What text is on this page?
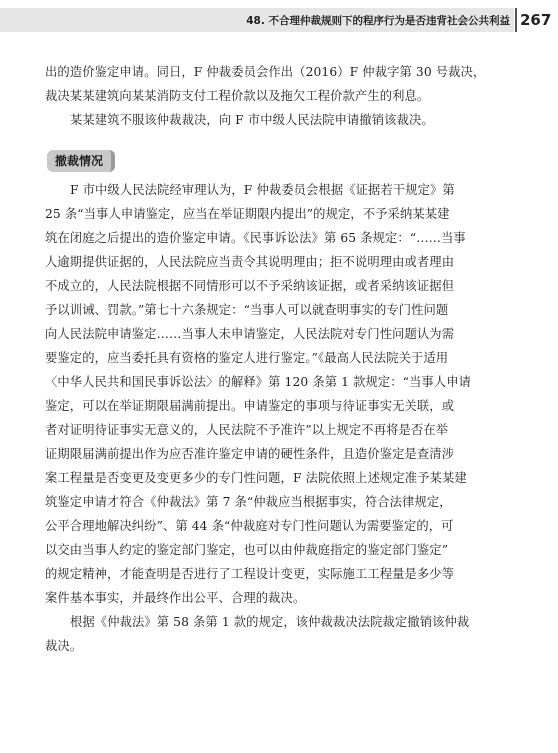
48. 不合理仲裁规则下的程序行为是否违背社会公共利益 267

出的造价鉴定申请。同日，F 仲裁委员会作出（2016）F 仲裁字第 30 号裁决，
裁决某某建筑向某某消防支付工程价款以及拖欠工程价款产生的利息。

某某建筑不服该仲裁裁决，向 F 市中级人民法院申请撤销该裁决。

撤裁情况

F 市中级人民法院经审理认为，F 仲裁委员会根据《证据若干规定》第
25 条“当事人申请鉴定，应当在举证期限内提出”的规定，不予采纳某某建
筑在闭庭之后提出的造价鉴定申请。《民事诉讼法》第 65 条规定：“……当事
人逾期提供证据的，人民法院应当责令其说明理由；拒不说明理由或者理由
不成立的，人民法院根据不同情形可以不予采纳该证据，或者采纳该证据但
予以训诫、罚款。”第七十六条规定：“当事人可以就查明事实的专门性问题
向人民法院申请鉴定……当事人未申请鉴定，人民法院对专门性问题认为需
要鉴定的，应当委托具有资格的鉴定人进行鉴定。”《最高人民法院关于适用
〈中华人民共和国民事诉讼法〉的解释》第 120 条第 1 款规定：“当事人申请
鉴定，可以在举证期限届满前提出。申请鉴定的事项与待证事实无关联，或
者对证明待证事实无意义的，人民法院不予准许”以上规定不再将是否在举
证期限届满前提出作为应否准许鉴定申请的硬性条件，且造价鉴定是查清涉
案工程量是否变更及变更多少的专门性问题，F 法院依照上述规定准予某某建
筑鉴定申请才符合《仲裁法》第 7 条“仲裁应当根据事实，符合法律规定，
公平合理地解决纠纷”、第 44 条“仲裁庭对专门性问题认为需要鉴定的，可
以交由当事人约定的鉴定部门鉴定，也可以由仲裁庭指定的鉴定部门鉴定”
的规定精神，才能查明是否进行了工程设计变更，实际施工工程量是多少等
案件基本事实，并最终作出公平、合理的裁决。

根据《仲裁法》第 58 条第 1 款的规定，该仲裁裁决法院裁定撤销该仲裁
裁决。
